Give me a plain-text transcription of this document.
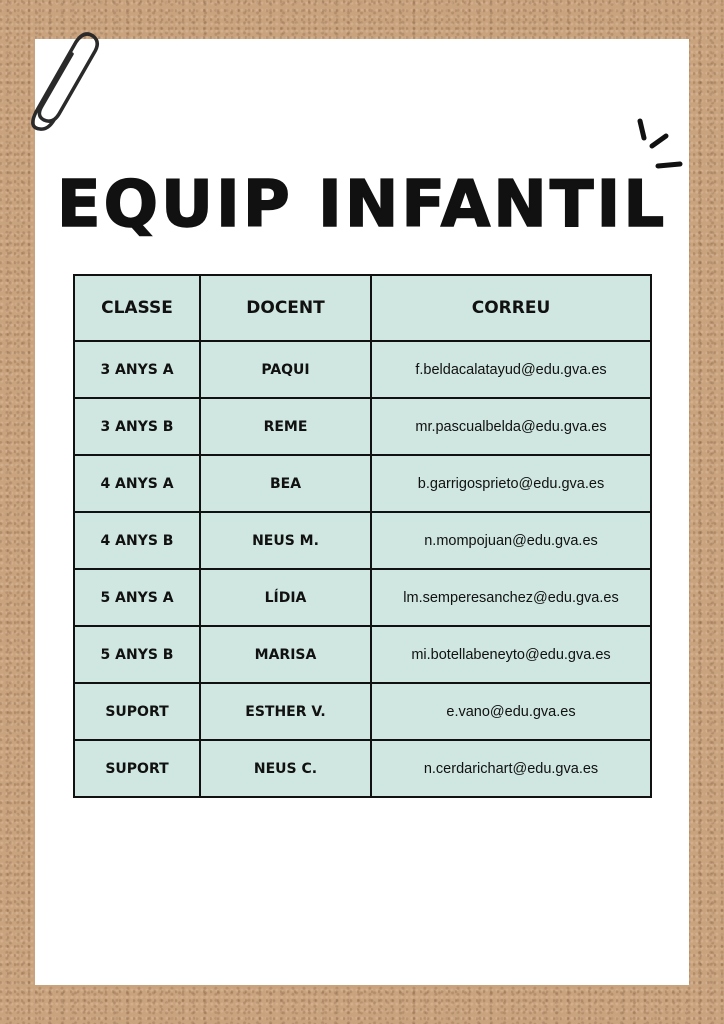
EQUIP INFANTIL
CLASSE	DOCENT	CORREU
3 ANYS A	PAQUI	f.beldacalatayud@edu.gva.es
3 ANYS B	REME	mr.pascualbelda@edu.gva.es
4 ANYS A	BEA	b.garrigosprieto@edu.gva.es
4 ANYS B	NEUS M.	n.mompojuan@edu.gva.es
5 ANYS A	LÍDIA	lm.semperesanchez@edu.gva.es
5 ANYS B	MARISA	mi.botellabeneyto@edu.gva.es
SUPORT	ESTHER V.	e.vano@edu.gva.es
SUPORT	NEUS C.	n.cerdarichart@edu.gva.es
